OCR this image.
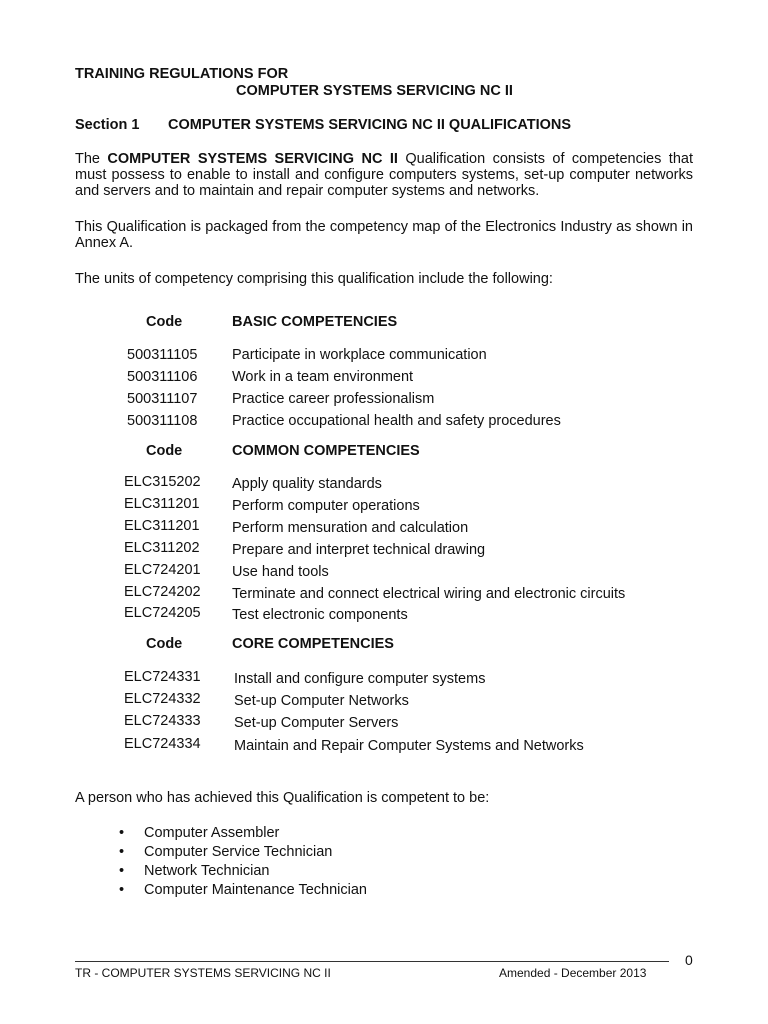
TRAINING REGULATIONS FOR
COMPUTER SYSTEMS SERVICING NC II
Section 1 COMPUTER SYSTEMS SERVICING NC II QUALIFICATIONS
The COMPUTER SYSTEMS SERVICING NC II Qualification consists of competencies that must possess to enable to install and configure computers systems, set-up computer networks and servers and to maintain and repair computer systems and networks.
This Qualification is packaged from the competency map of the Electronics Industry as shown in Annex A.
The units of competency comprising this qualification include the following:
Code	BASIC COMPETENCIES
500311105 Participate in workplace communication
500311106 Work in a team environment
500311107 Practice career professionalism
500311108 Practice occupational health and safety procedures
Code	COMMON COMPETENCIES
ELC315202 Apply quality standards
ELC311201 Perform computer operations
ELC311201 Perform mensuration and calculation
ELC311202 Prepare and interpret technical drawing
ELC724201 Use hand tools
ELC724202 Terminate and connect electrical wiring and electronic circuits
ELC724205 Test electronic components
Code	CORE COMPETENCIES
ELC724331 Install and configure computer systems
ELC724332 Set-up Computer Networks
ELC724333 Set-up Computer Servers
ELC724334 Maintain and Repair Computer Systems and Networks
A person who has achieved this Qualification is competent to be:
• Computer Assembler
• Computer Service Technician
• Network Technician
• Computer Maintenance Technician
0
TR - COMPUTER SYSTEMS SERVICING NC II	Amended - December 2013
